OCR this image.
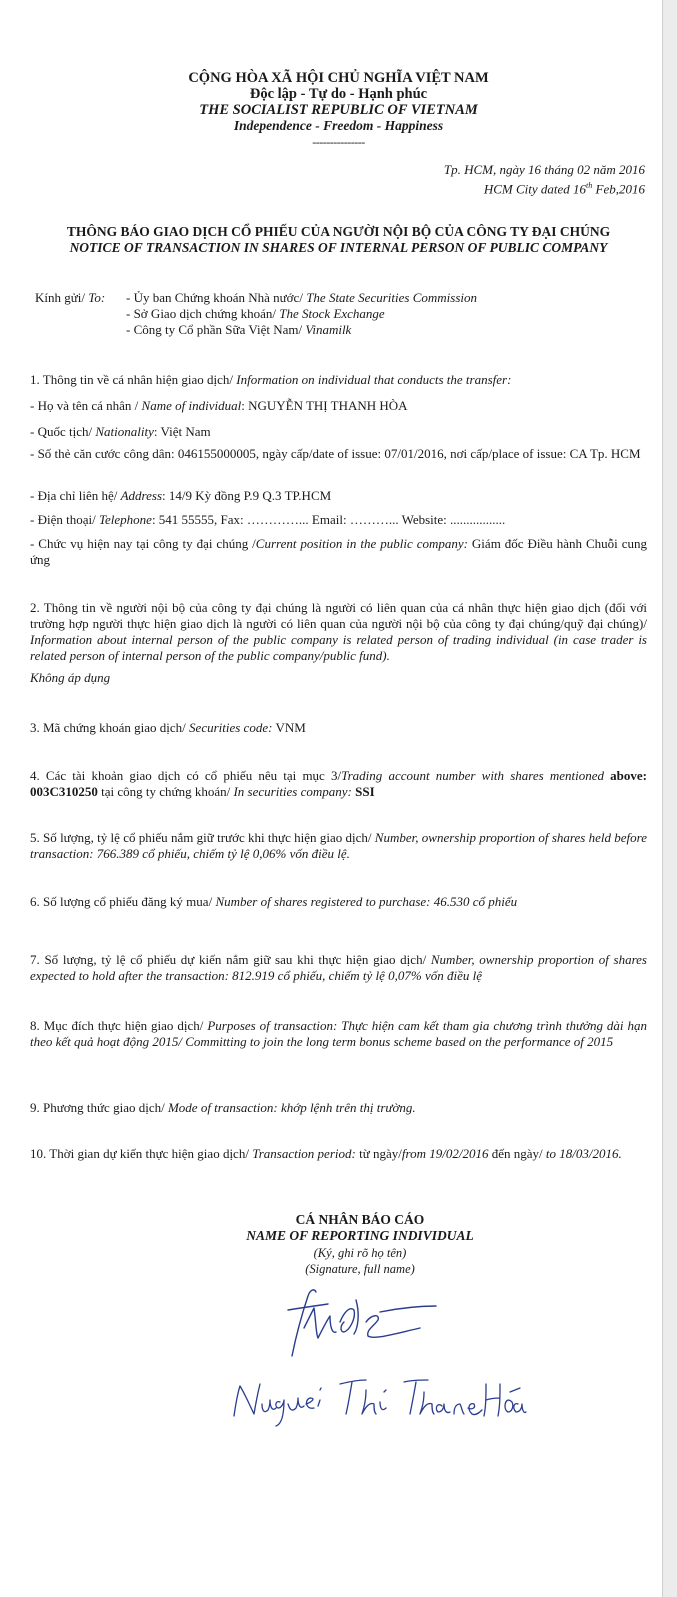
CỘNG HÒA XÃ HỘI CHỦ NGHĨA VIỆT NAM
Độc lập - Tự do - Hạnh phúc
THE SOCIALIST REPUBLIC OF VIETNAM
Independence - Freedom - Happiness
---------------
Tp. HCM, ngày 16 tháng 02 năm 2016
HCM City dated 16th Feb,2016
THÔNG BÁO GIAO DỊCH CỔ PHIẾU CỦA NGƯỜI NỘI BỘ CỦA CÔNG TY ĐẠI CHÚNG
NOTICE OF TRANSACTION IN SHARES OF INTERNAL PERSON OF PUBLIC COMPANY
Kính gửi/ To: - Ủy ban Chứng khoán Nhà nước/ The State Securities Commission
- Sở Giao dịch chứng khoán/ The Stock Exchange
- Công ty Cổ phần Sữa Việt Nam/ Vinamilk
1. Thông tin về cá nhân hiện giao dịch/ Information on individual that conducts the transfer:
- Họ và tên cá nhân / Name of individual: NGUYỄN THỊ THANH HÒA
- Quốc tịch/ Nationality: Việt Nam
- Số thẻ căn cước công dân: 046155000005, ngày cấp/date of issue: 07/01/2016, nơi cấp/place of issue: CA Tp. HCM
- Địa chỉ liên hệ/ Address: 14/9 Kỳ đồng P.9 Q.3 TP.HCM
- Điện thoại/ Telephone: 541 55555, Fax: …………... Email: ………... Website: .................
- Chức vụ hiện nay tại công ty đại chúng /Current position in the public company: Giám đốc Điều hành Chuỗi cung ứng
2. Thông tin về người nội bộ của công ty đại chúng là người có liên quan của cá nhân thực hiện giao dịch (đối với trường hợp người thực hiện giao dịch là người có liên quan của người nội bộ của công ty đại chúng/quỹ đại chúng)/ Information about internal person of the public company is related person of trading individual (in case trader is related person of internal person of the public company/public fund).
Không áp dụng
3. Mã chứng khoán giao dịch/ Securities code: VNM
4. Các tài khoản giao dịch có cổ phiếu nêu tại mục 3/Trading account number with shares mentioned above: 003C310250 tại công ty chứng khoán/ In securities company: SSI
5. Số lượng, tỷ lệ cổ phiếu nắm giữ trước khi thực hiện giao dịch/ Number, ownership proportion of shares held before transaction: 766.389 cổ phiếu, chiếm tỷ lệ 0,06% vốn điều lệ.
6. Số lượng cổ phiếu đăng ký mua/ Number of shares registered to purchase: 46.530 cổ phiếu
7. Số lượng, tỷ lệ cổ phiếu dự kiến nắm giữ sau khi thực hiện giao dịch/ Number, ownership proportion of shares expected to hold after the transaction: 812.919 cổ phiếu, chiếm tỷ lệ 0,07% vốn điều lệ
8. Mục đích thực hiện giao dịch/ Purposes of transaction: Thực hiện cam kết tham gia chương trình thưởng dài hạn theo kết quả hoạt động 2015/ Committing to join the long term bonus scheme based on the performance of 2015
9. Phương thức giao dịch/ Mode of transaction: khớp lệnh trên thị trường.
10. Thời gian dự kiến thực hiện giao dịch/ Transaction period: từ ngày/from 19/02/2016 đến ngày/ to 18/03/2016.
CÁ NHÂN BÁO CÁO
NAME OF REPORTING INDIVIDUAL
(Ký, ghi rõ họ tên)
(Signature, full name)
